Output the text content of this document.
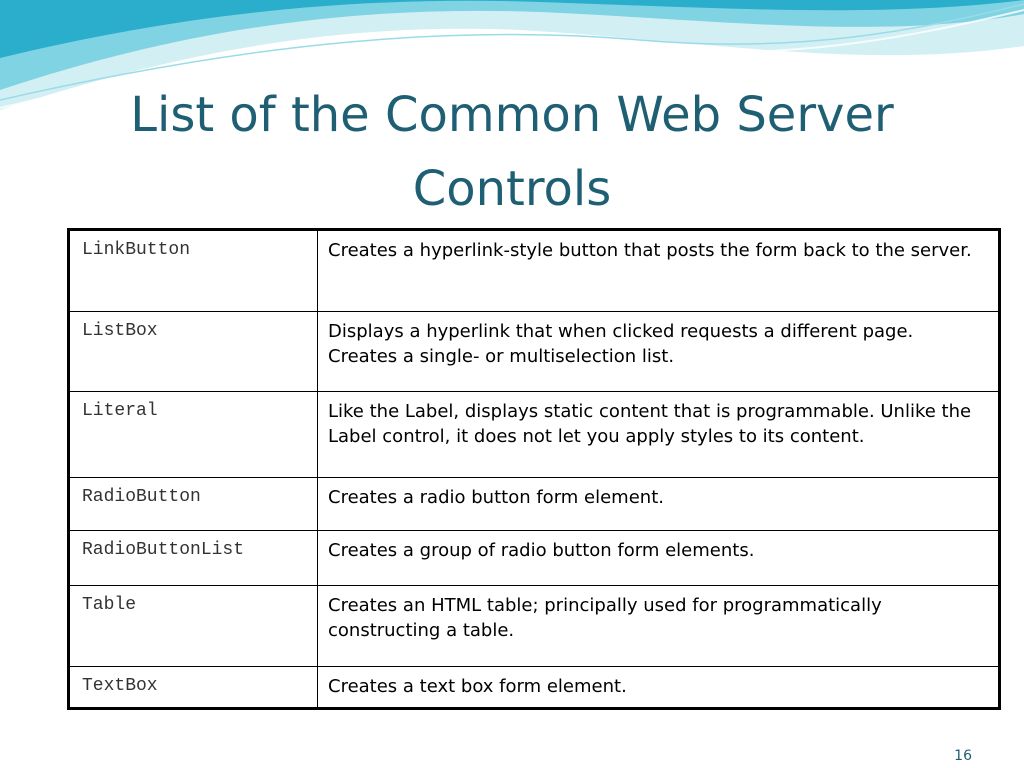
List of the Common Web Server Controls
LinkButton	Creates a hyperlink-style button that posts the form back to the server.
ListBox	Displays a hyperlink that when clicked requests a different page. Creates a single- or multiselection list.
Literal	Like the Label, displays static content that is programmable. Unlike the Label control, it does not let you apply styles to its content.
RadioButton	Creates a radio button form element.
RadioButtonList	Creates a group of radio button form elements.
Table	Creates an HTML table; principally used for programmatically constructing a table.
TextBox	Creates a text box form element.
16
